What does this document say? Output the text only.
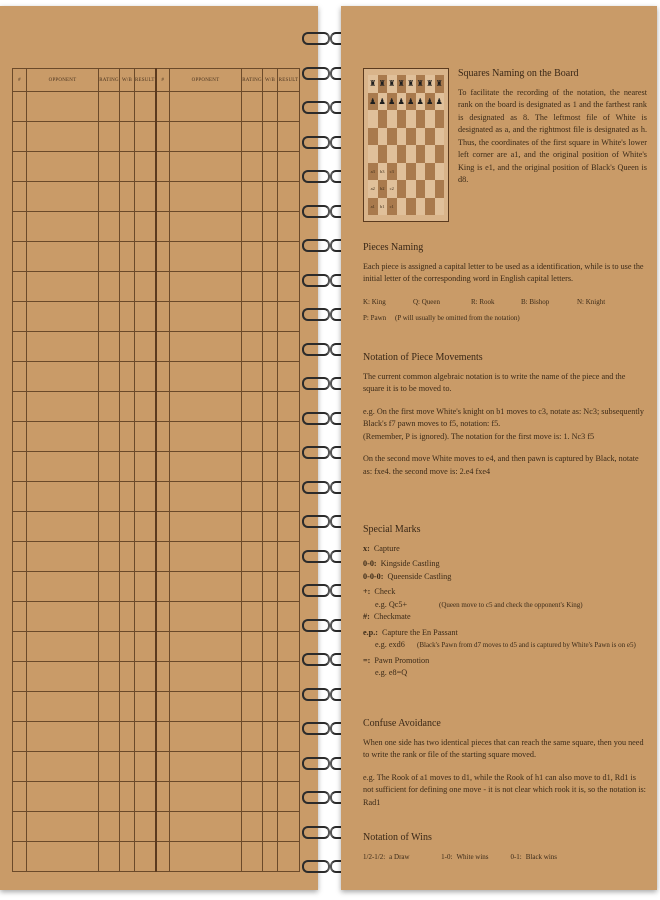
#	OPPONENT	RATING	W/B	RESULT	#	OPPONENT	RATING	W/B	RESULT

										♜ ♜ ♜ ♜ ♜ ♜ ♜ ♜
♟ ♟ ♟ ♟ ♟ ♟ ♟ ♟
a3	b3	c3
a2	b2	c2
a1	b1	c1
Squares Naming on the Board
To facilitate the recording of the notation, the nearest rank on the board is designated as 1 and the farthest rank is designated as 8. The leftmost file of White is designated as a, and the rightmost file is designated as h. Thus, the coordinates of the first square in White's lower left corner are a1, and the original position of White's King is e1, and the original position of Black's Queen is d8.
Pieces Naming
Each piece is assigned a capital letter to be used as a identification, while is to use the initial letter of the corresponding word in English capital letters.
K: King	Q: Queen	R: Rook	B: Bishop	N: Knight
P: Pawn	(P will usually be omitted from the notation)
Notation of Piece Movements
The current common algebraic notation is to write the name of the piece and the square it is to be moved to.
e.g. On the first move White's knight on b1 moves to c3, notate as: Nc3; subsequently Black's f7 pawn moves to f5, notation: f5.
(Remember, P is ignored). The notation for the first move is: 1. Nc3 f5
On the second move White moves to e4, and then pawn is captured by Black, notate as: fxe4. the second move is: 2.e4 fxe4
Special Marks
x: Capture
0-0: Kingside Castling
0-0-0: Queenside Castling
+: Check
e.g. Qc5+	(Queen move to c5 and check the opponent's King)
#: Checkmate
e.p.: Capture the En Passant
e.g. exd6	(Black's Pawn from d7 moves to d5 and is captured by White's Pawn is on e5)
=: Pawn Promotion
e.g. e8=Q
Confuse Avoidance
When one side has two identical pieces that can reach the same square, then you need to write the rank or file of the starting square moved.
e.g. The Rook of a1 moves to d1, while the Rook of h1 can also move to d1, Rd1 is not sufficient for defining one move - it is not clear which rook it is, so the notation is: Rad1
Notation of Wins
1/2-1/2: a Draw	1-0: White wins	0-1: Black wins
